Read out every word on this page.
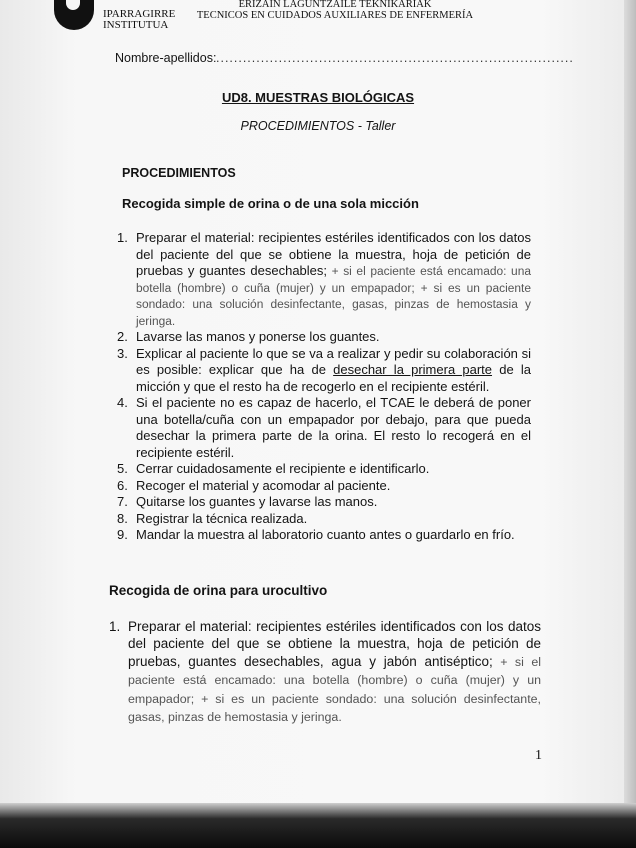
IPARRAGIRRE
INSTITUTUA
ERIZAIN LAGUNTZAILE TEKNIKARIAK
TECNICOS EN CUIDADOS AUXILIARES DE ENFERMERÍA
Nombre-apellidos: ................................................................................
UD8. MUESTRAS BIOLÓGICAS
PROCEDIMIENTOS - Taller
PROCEDIMIENTOS
Recogida simple de orina o de una sola micción
1. Preparar el material: recipientes estériles identificados con los datos del paciente del que se obtiene la muestra, hoja de petición de pruebas y guantes desechables; + si el paciente está encamado: una botella (hombre) o cuña (mujer) y un empapador; + si es un paciente sondado: una solución desinfectante, gasas, pinzas de hemostasia y jeringa.
2. Lavarse las manos y ponerse los guantes.
3. Explicar al paciente lo que se va a realizar y pedir su colaboración si es posible: explicar que ha de desechar la primera parte de la micción y que el resto ha de recogerlo en el recipiente estéril.
4. Si el paciente no es capaz de hacerlo, el TCAE le deberá de poner una botella/cuña con un empapador por debajo, para que pueda desechar la primera parte de la orina. El resto lo recogerá en el recipiente estéril.
5. Cerrar cuidadosamente el recipiente e identificarlo.
6. Recoger el material y acomodar al paciente.
7. Quitarse los guantes y lavarse las manos.
8. Registrar la técnica realizada.
9. Mandar la muestra al laboratorio cuanto antes o guardarlo en frío.
Recogida de orina para urocultivo
1. Preparar el material: recipientes estériles identificados con los datos del paciente del que se obtiene la muestra, hoja de petición de pruebas, guantes desechables, agua y jabón antiséptico; + si el paciente está encamado: una botella (hombre) o cuña (mujer) y un empapador; + si es un paciente sondado: una solución desinfectante, gasas, pinzas de hemostasia y jeringa.
1
